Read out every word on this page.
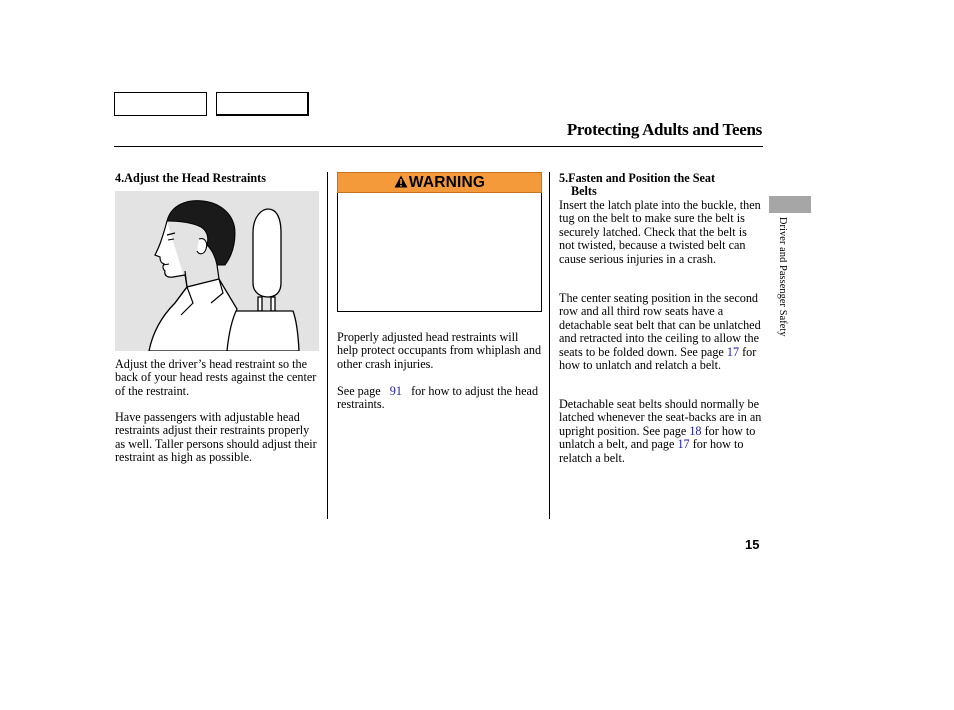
Protecting Adults and Teens
4.Adjust the Head Restraints

Adjust the driver’s head restraint so the back of your head rests against the center of the restraint.

Have passengers with adjustable head restraints adjust their restraints properly as well. Taller persons should adjust their restraint as high as possible.

WARNING

Properly adjusted head restraints will help protect occupants from whiplash and other crash injuries.

See page 91 for how to adjust the head restraints.

5.Fasten and Position the Seat
Belts

Insert the latch plate into the buckle, then tug on the belt to make sure the belt is securely latched. Check that the belt is not twisted, because a twisted belt can cause serious injuries in a crash.

The center seating position in the second row and all third row seats have a detachable seat belt that can be unlatched and retracted into the ceiling to allow the seats to be folded down. See page 17 for how to unlatch and relatch a belt.

Detachable seat belts should normally be latched whenever the seat-backs are in an upright position. See page 18 for how to unlatch a belt, and page 17 for how to relatch a belt.

Driver and Passenger Safety
15
